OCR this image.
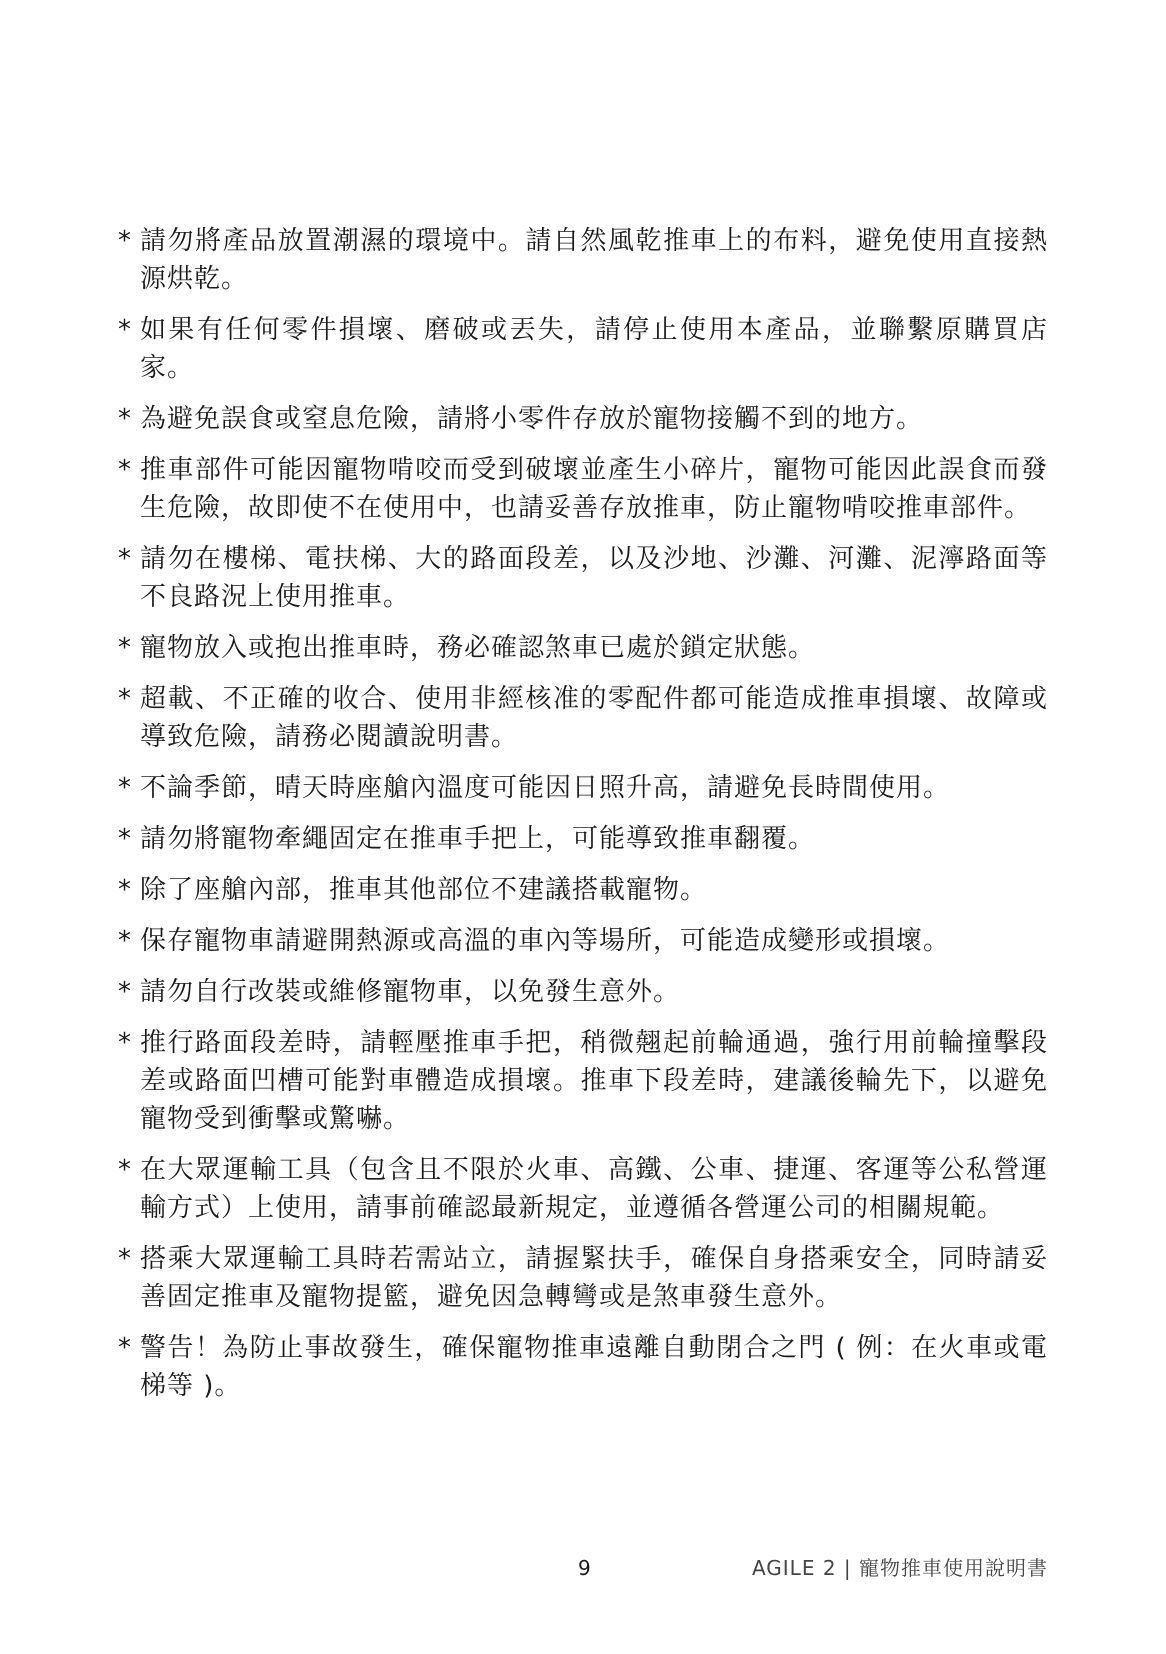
* 請勿將產品放置潮濕的環境中。請自然風乾推車上的布料，避免使用直接熱源烘乾。
* 如果有任何零件損壞、磨破或丟失，請停止使用本產品，並聯繫原購買店家。
* 為避免誤食或窒息危險，請將小零件存放於寵物接觸不到的地方。
* 推車部件可能因寵物啃咬而受到破壞並產生小碎片，寵物可能因此誤食而發生危險，故即使不在使用中，也請妥善存放推車，防止寵物啃咬推車部件。
* 請勿在樓梯、電扶梯、大的路面段差，以及沙地、沙灘、河灘、泥濘路面等不良路況上使用推車。
* 寵物放入或抱出推車時，務必確認煞車已處於鎖定狀態。
* 超載、不正確的收合、使用非經核准的零配件都可能造成推車損壞、故障或導致危險，請務必閱讀說明書。
* 不論季節，晴天時座艙內溫度可能因日照升高，請避免長時間使用。
* 請勿將寵物牽繩固定在推車手把上，可能導致推車翻覆。
* 除了座艙內部，推車其他部位不建議搭載寵物。
* 保存寵物車請避開熱源或高溫的車內等場所，可能造成變形或損壞。
* 請勿自行改裝或維修寵物車，以免發生意外。
* 推行路面段差時，請輕壓推車手把，稍微翹起前輪通過，強行用前輪撞擊段差或路面凹槽可能對車體造成損壞。推車下段差時，建議後輪先下，以避免寵物受到衝擊或驚嚇。
* 在大眾運輸工具（包含且不限於火車、高鐵、公車、捷運、客運等公私營運輸方式）上使用，請事前確認最新規定，並遵循各營運公司的相關規範。
* 搭乘大眾運輸工具時若需站立，請握緊扶手，確保自身搭乘安全，同時請妥善固定推車及寵物提籃，避免因急轉彎或是煞車發生意外。
* 警告！為防止事故發生，確保寵物推車遠離自動閉合之門 ( 例：在火車或電梯等 )。
9	AGILE 2 | 寵物推車使用說明書
